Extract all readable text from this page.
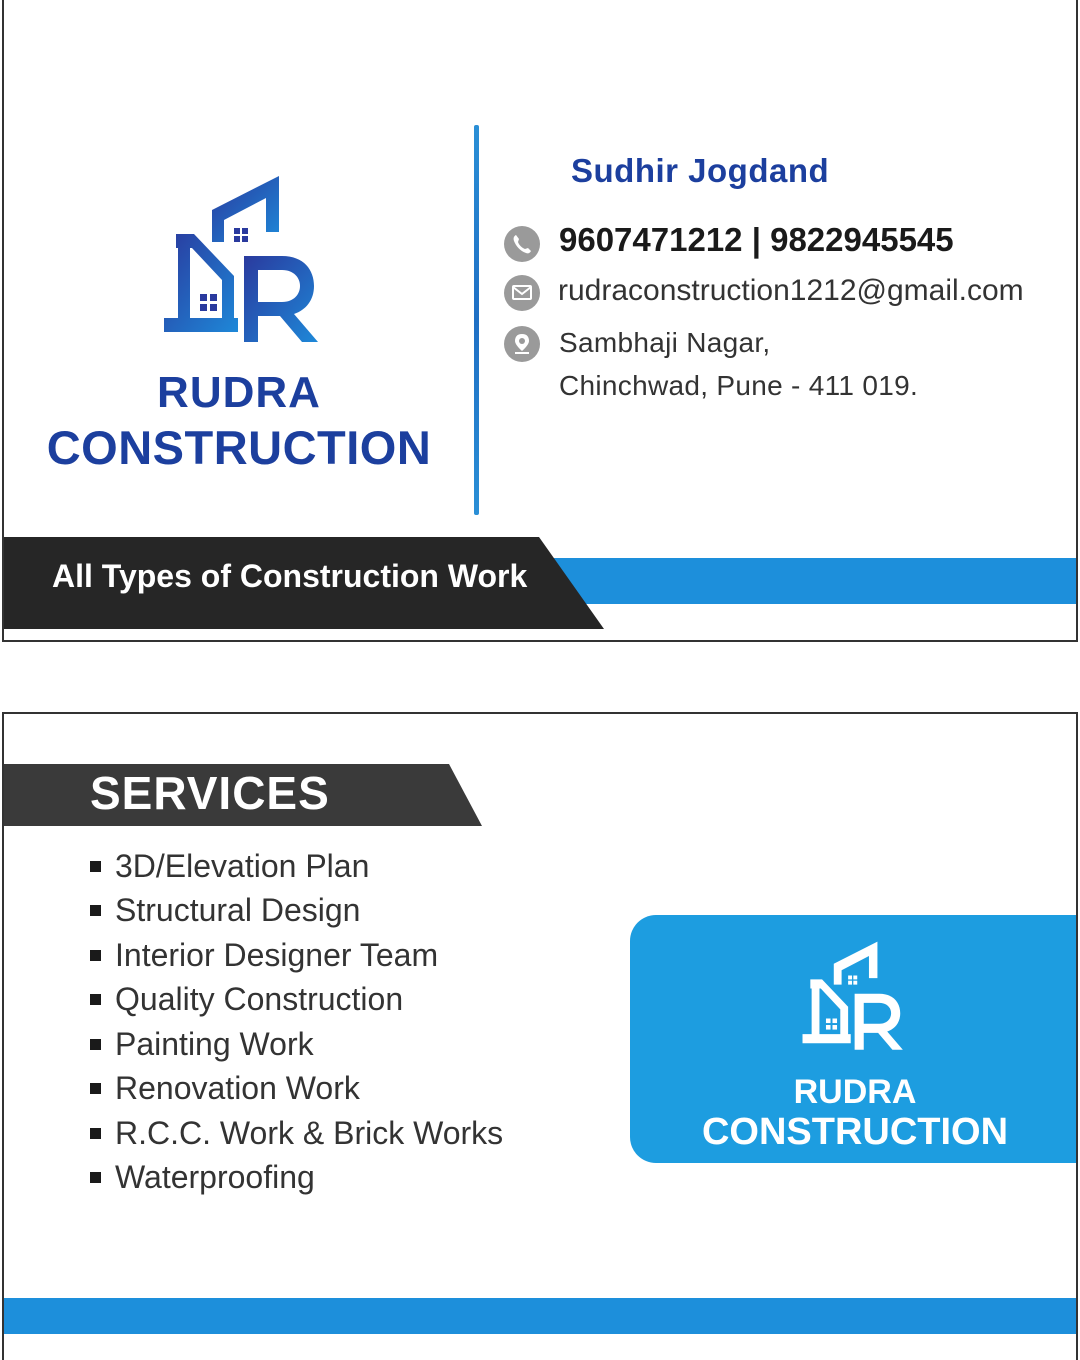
RUDRA
CONSTRUCTION
Sudhir Jogdand
9607471212 | 9822945545
rudraconstruction1212@gmail.com
Sambhaji Nagar,
Chinchwad, Pune - 411 019.
All Types of Construction Work
SERVICES
3D/Elevation Plan
Structural Design
Interior Designer Team
Quality Construction
Painting Work
Renovation Work
R.C.C. Work & Brick Works
Waterproofing
RUDRA
CONSTRUCTION
